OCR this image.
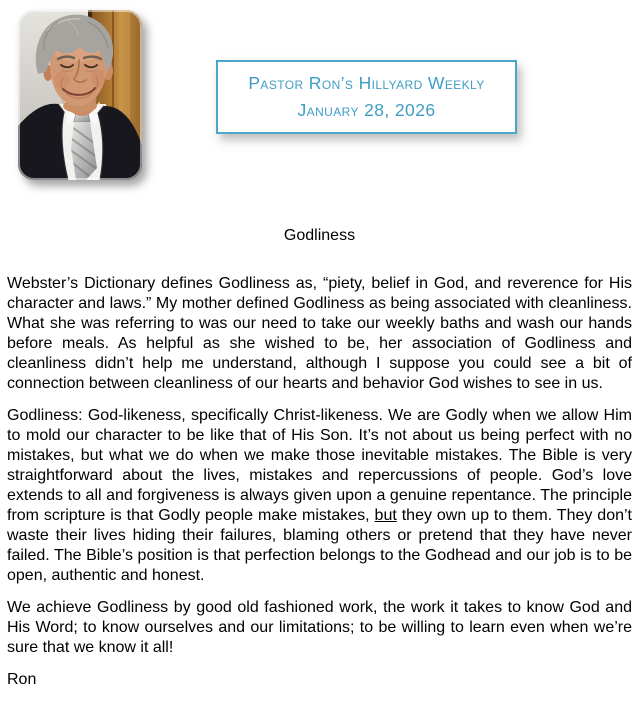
Pastor Ron’s Hillyard Weekly
January 28, 2026

Godliness

Webster’s Dictionary defines Godliness as, “piety, belief in God, and reverence for His character and laws.” My mother defined Godliness as being associated with cleanliness. What she was referring to was our need to take our weekly baths and wash our hands before meals. As helpful as she wished to be, her association of Godliness and cleanliness didn’t help me understand, although I suppose you could see a bit of connection between cleanliness of our hearts and behavior God wishes to see in us.

Godliness: God-likeness, specifically Christ-likeness. We are Godly when we allow Him to mold our character to be like that of His Son. It’s not about us being perfect with no mistakes, but what we do when we make those inevitable mistakes. The Bible is very straightforward about the lives, mistakes and repercussions of people. God’s love extends to all and forgiveness is always given upon a genuine repentance. The principle from scripture is that Godly people make mistakes, but they own up to them. They don’t waste their lives hiding their failures, blaming others or pretend that they have never failed. The Bible’s position is that perfection belongs to the Godhead and our job is to be open, authentic and honest.

We achieve Godliness by good old fashioned work, the work it takes to know God and His Word; to know ourselves and our limitations; to be willing to learn even when we’re sure that we know it all!

Ron
